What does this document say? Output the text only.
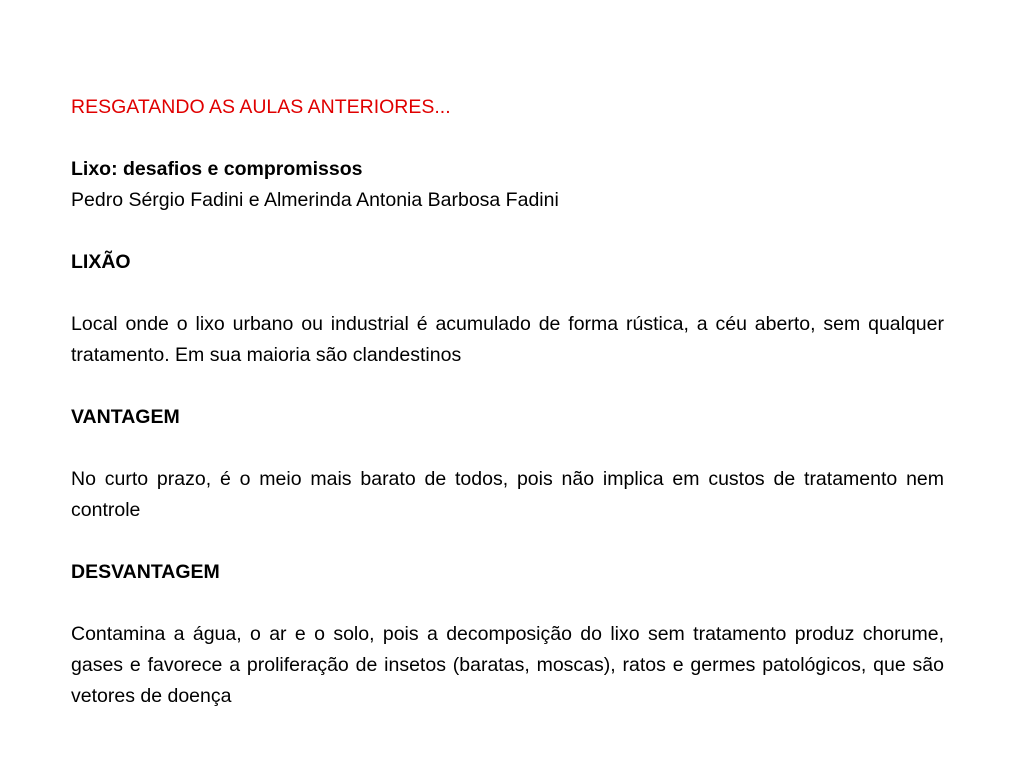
RESGATANDO AS AULAS ANTERIORES...

Lixo: desafios e compromissos

Pedro Sérgio Fadini e Almerinda Antonia Barbosa Fadini

LIXÃO

Local onde o lixo urbano ou industrial é acumulado de forma rústica, a céu aberto, sem qualquer tratamento. Em sua maioria são clandestinos

VANTAGEM

No curto prazo, é o meio mais barato de todos, pois não implica em custos de tratamento nem controle

DESVANTAGEM

Contamina a água, o ar e o solo, pois a decomposição do lixo sem tratamento produz chorume, gases e favorece a proliferação de insetos (baratas, moscas), ratos e germes patológicos, que são vetores de doença
